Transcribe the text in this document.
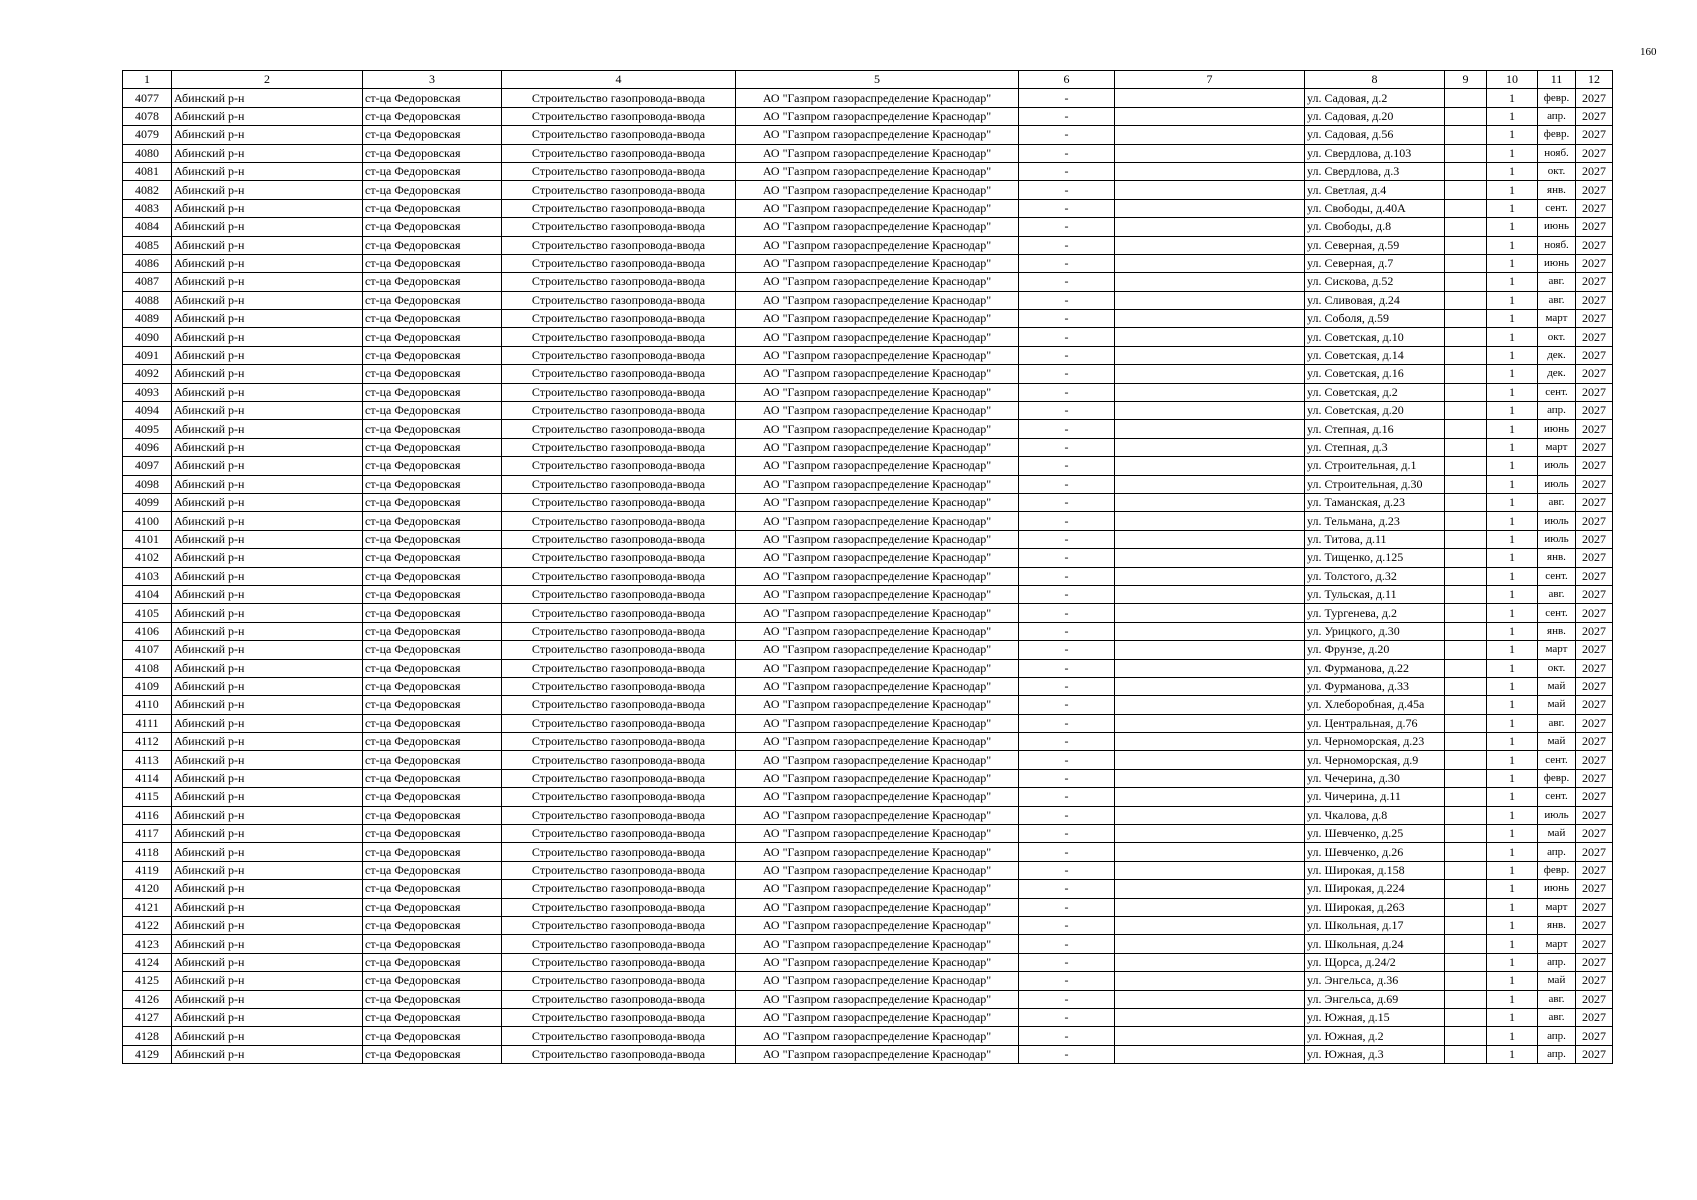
160
1	2	3	4	5	6	7	8	9	10	11	12
4077	Абинский р-н	ст-ца Федоровская	Строительство газопровода-ввода	АО "Газпром газораспределение Краснодар"	-		ул. Садовая, д.2		1	февр.	2027
4078	Абинский р-н	ст-ца Федоровская	Строительство газопровода-ввода	АО "Газпром газораспределение Краснодар"	-		ул. Садовая, д.20		1	апр.	2027
4079	Абинский р-н	ст-ца Федоровская	Строительство газопровода-ввода	АО "Газпром газораспределение Краснодар"	-		ул. Садовая, д.56		1	февр.	2027
4080	Абинский р-н	ст-ца Федоровская	Строительство газопровода-ввода	АО "Газпром газораспределение Краснодар"	-		ул. Свердлова, д.103		1	нояб.	2027
4081	Абинский р-н	ст-ца Федоровская	Строительство газопровода-ввода	АО "Газпром газораспределение Краснодар"	-		ул. Свердлова, д.3		1	окт.	2027
4082	Абинский р-н	ст-ца Федоровская	Строительство газопровода-ввода	АО "Газпром газораспределение Краснодар"	-		ул. Светлая, д.4		1	янв.	2027
4083	Абинский р-н	ст-ца Федоровская	Строительство газопровода-ввода	АО "Газпром газораспределение Краснодар"	-		ул. Свободы, д.40А		1	сент.	2027
4084	Абинский р-н	ст-ца Федоровская	Строительство газопровода-ввода	АО "Газпром газораспределение Краснодар"	-		ул. Свободы, д.8		1	июнь	2027
4085	Абинский р-н	ст-ца Федоровская	Строительство газопровода-ввода	АО "Газпром газораспределение Краснодар"	-		ул. Северная, д.59		1	нояб.	2027
4086	Абинский р-н	ст-ца Федоровская	Строительство газопровода-ввода	АО "Газпром газораспределение Краснодар"	-		ул. Северная, д.7		1	июнь	2027
4087	Абинский р-н	ст-ца Федоровская	Строительство газопровода-ввода	АО "Газпром газораспределение Краснодар"	-		ул. Сискова, д.52		1	авг.	2027
4088	Абинский р-н	ст-ца Федоровская	Строительство газопровода-ввода	АО "Газпром газораспределение Краснодар"	-		ул. Сливовая, д.24		1	авг.	2027
4089	Абинский р-н	ст-ца Федоровская	Строительство газопровода-ввода	АО "Газпром газораспределение Краснодар"	-		ул. Соболя, д.59		1	март	2027
4090	Абинский р-н	ст-ца Федоровская	Строительство газопровода-ввода	АО "Газпром газораспределение Краснодар"	-		ул. Советская, д.10		1	окт.	2027
4091	Абинский р-н	ст-ца Федоровская	Строительство газопровода-ввода	АО "Газпром газораспределение Краснодар"	-		ул. Советская, д.14		1	дек.	2027
4092	Абинский р-н	ст-ца Федоровская	Строительство газопровода-ввода	АО "Газпром газораспределение Краснодар"	-		ул. Советская, д.16		1	дек.	2027
4093	Абинский р-н	ст-ца Федоровская	Строительство газопровода-ввода	АО "Газпром газораспределение Краснодар"	-		ул. Советская, д.2		1	сент.	2027
4094	Абинский р-н	ст-ца Федоровская	Строительство газопровода-ввода	АО "Газпром газораспределение Краснодар"	-		ул. Советская, д.20		1	апр.	2027
4095	Абинский р-н	ст-ца Федоровская	Строительство газопровода-ввода	АО "Газпром газораспределение Краснодар"	-		ул. Степная, д.16		1	июнь	2027
4096	Абинский р-н	ст-ца Федоровская	Строительство газопровода-ввода	АО "Газпром газораспределение Краснодар"	-		ул. Степная, д.3		1	март	2027
4097	Абинский р-н	ст-ца Федоровская	Строительство газопровода-ввода	АО "Газпром газораспределение Краснодар"	-		ул. Строительная, д.1		1	июль	2027
4098	Абинский р-н	ст-ца Федоровская	Строительство газопровода-ввода	АО "Газпром газораспределение Краснодар"	-		ул. Строительная, д.30		1	июль	2027
4099	Абинский р-н	ст-ца Федоровская	Строительство газопровода-ввода	АО "Газпром газораспределение Краснодар"	-		ул. Таманская, д.23		1	авг.	2027
4100	Абинский р-н	ст-ца Федоровская	Строительство газопровода-ввода	АО "Газпром газораспределение Краснодар"	-		ул. Тельмана, д.23		1	июль	2027
4101	Абинский р-н	ст-ца Федоровская	Строительство газопровода-ввода	АО "Газпром газораспределение Краснодар"	-		ул. Титова, д.11		1	июль	2027
4102	Абинский р-н	ст-ца Федоровская	Строительство газопровода-ввода	АО "Газпром газораспределение Краснодар"	-		ул. Тищенко, д.125		1	янв.	2027
4103	Абинский р-н	ст-ца Федоровская	Строительство газопровода-ввода	АО "Газпром газораспределение Краснодар"	-		ул. Толстого, д.32		1	сент.	2027
4104	Абинский р-н	ст-ца Федоровская	Строительство газопровода-ввода	АО "Газпром газораспределение Краснодар"	-		ул. Тульская, д.11		1	авг.	2027
4105	Абинский р-н	ст-ца Федоровская	Строительство газопровода-ввода	АО "Газпром газораспределение Краснодар"	-		ул. Тургенева, д.2		1	сент.	2027
4106	Абинский р-н	ст-ца Федоровская	Строительство газопровода-ввода	АО "Газпром газораспределение Краснодар"	-		ул. Урицкого, д.30		1	янв.	2027
4107	Абинский р-н	ст-ца Федоровская	Строительство газопровода-ввода	АО "Газпром газораспределение Краснодар"	-		ул. Фрунзе, д.20		1	март	2027
4108	Абинский р-н	ст-ца Федоровская	Строительство газопровода-ввода	АО "Газпром газораспределение Краснодар"	-		ул. Фурманова, д.22		1	окт.	2027
4109	Абинский р-н	ст-ца Федоровская	Строительство газопровода-ввода	АО "Газпром газораспределение Краснодар"	-		ул. Фурманова, д.33		1	май	2027
4110	Абинский р-н	ст-ца Федоровская	Строительство газопровода-ввода	АО "Газпром газораспределение Краснодар"	-		ул. Хлеборобная, д.45а		1	май	2027
4111	Абинский р-н	ст-ца Федоровская	Строительство газопровода-ввода	АО "Газпром газораспределение Краснодар"	-		ул. Центральная, д.76		1	авг.	2027
4112	Абинский р-н	ст-ца Федоровская	Строительство газопровода-ввода	АО "Газпром газораспределение Краснодар"	-		ул. Черноморская, д.23		1	май	2027
4113	Абинский р-н	ст-ца Федоровская	Строительство газопровода-ввода	АО "Газпром газораспределение Краснодар"	-		ул. Черноморская, д.9		1	сент.	2027
4114	Абинский р-н	ст-ца Федоровская	Строительство газопровода-ввода	АО "Газпром газораспределение Краснодар"	-		ул. Чечерина, д.30		1	февр.	2027
4115	Абинский р-н	ст-ца Федоровская	Строительство газопровода-ввода	АО "Газпром газораспределение Краснодар"	-		ул. Чичерина, д.11		1	сент.	2027
4116	Абинский р-н	ст-ца Федоровская	Строительство газопровода-ввода	АО "Газпром газораспределение Краснодар"	-		ул. Чкалова, д.8		1	июль	2027
4117	Абинский р-н	ст-ца Федоровская	Строительство газопровода-ввода	АО "Газпром газораспределение Краснодар"	-		ул. Шевченко, д.25		1	май	2027
4118	Абинский р-н	ст-ца Федоровская	Строительство газопровода-ввода	АО "Газпром газораспределение Краснодар"	-		ул. Шевченко, д.26		1	апр.	2027
4119	Абинский р-н	ст-ца Федоровская	Строительство газопровода-ввода	АО "Газпром газораспределение Краснодар"	-		ул. Широкая, д.158		1	февр.	2027
4120	Абинский р-н	ст-ца Федоровская	Строительство газопровода-ввода	АО "Газпром газораспределение Краснодар"	-		ул. Широкая, д.224		1	июнь	2027
4121	Абинский р-н	ст-ца Федоровская	Строительство газопровода-ввода	АО "Газпром газораспределение Краснодар"	-		ул. Широкая, д.263		1	март	2027
4122	Абинский р-н	ст-ца Федоровская	Строительство газопровода-ввода	АО "Газпром газораспределение Краснодар"	-		ул. Школьная, д.17		1	янв.	2027
4123	Абинский р-н	ст-ца Федоровская	Строительство газопровода-ввода	АО "Газпром газораспределение Краснодар"	-		ул. Школьная, д.24		1	март	2027
4124	Абинский р-н	ст-ца Федоровская	Строительство газопровода-ввода	АО "Газпром газораспределение Краснодар"	-		ул. Щорса, д.24/2		1	апр.	2027
4125	Абинский р-н	ст-ца Федоровская	Строительство газопровода-ввода	АО "Газпром газораспределение Краснодар"	-		ул. Энгельса, д.36		1	май	2027
4126	Абинский р-н	ст-ца Федоровская	Строительство газопровода-ввода	АО "Газпром газораспределение Краснодар"	-		ул. Энгельса, д.69		1	авг.	2027
4127	Абинский р-н	ст-ца Федоровская	Строительство газопровода-ввода	АО "Газпром газораспределение Краснодар"	-		ул. Южная, д.15		1	авг.	2027
4128	Абинский р-н	ст-ца Федоровская	Строительство газопровода-ввода	АО "Газпром газораспределение Краснодар"	-		ул. Южная, д.2		1	апр.	2027
4129	Абинский р-н	ст-ца Федоровская	Строительство газопровода-ввода	АО "Газпром газораспределение Краснодар"	-		ул. Южная, д.3		1	апр.	2027
